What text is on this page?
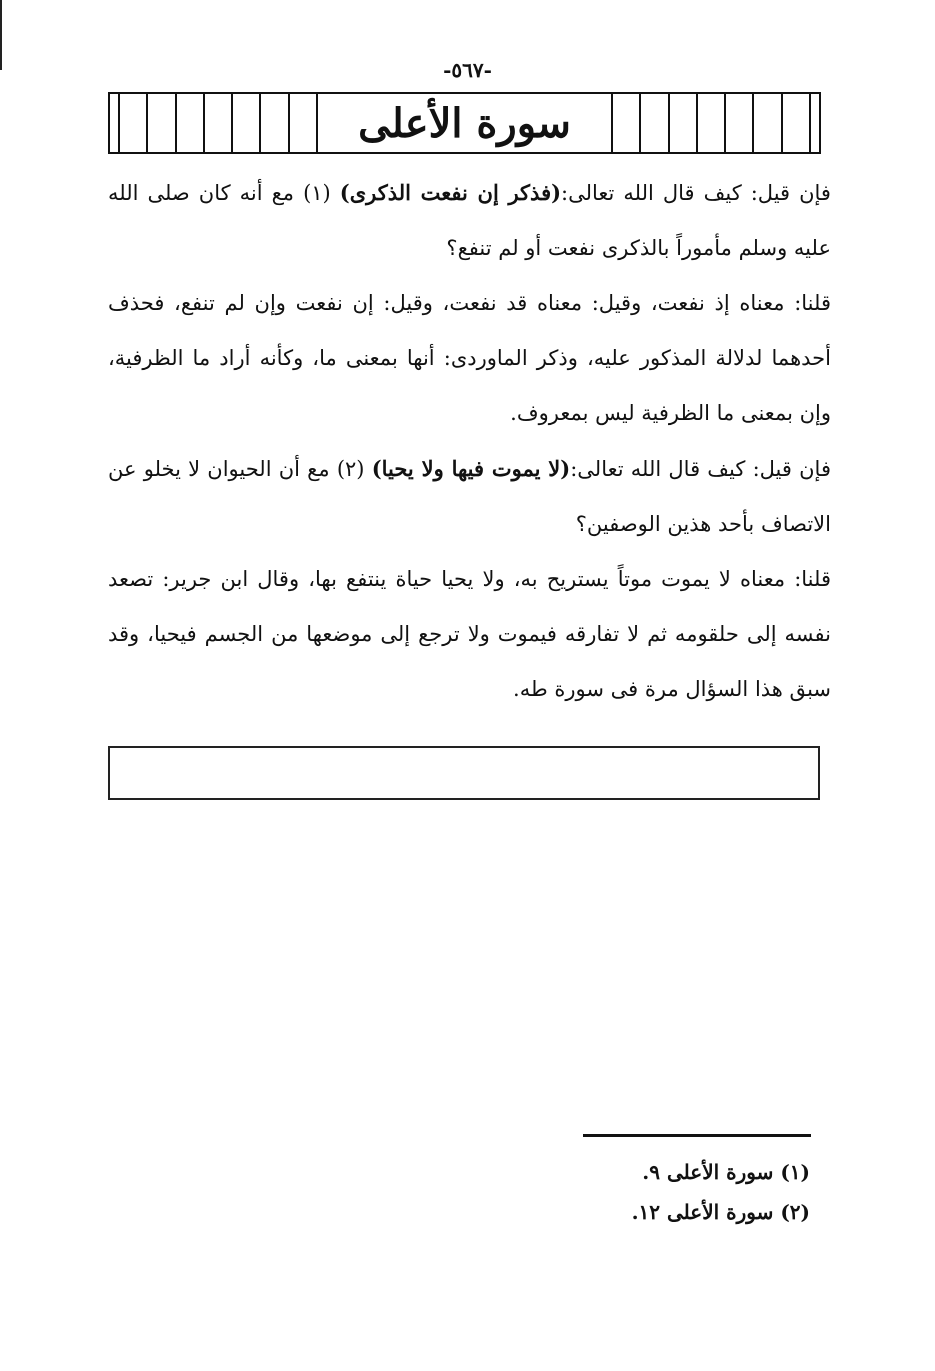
-٥٦٧-
سورة الأعلى

فإن قيل: كيف قال الله تعالى:(فذكر إن نفعت الذكرى) (١) مع أنه كان صلى الله عليه وسلم مأموراً بالذكرى نفعت أو لم تنفع؟

قلنا: معناه إذ نفعت، وقيل: معناه قد نفعت، وقيل: إن نفعت وإن لم تنفع، فحذف أحدهما لدلالة المذكور عليه، وذكر الماوردى: أنها بمعنى ما، وكأنه أراد ما الظرفية، وإن بمعنى ما الظرفية ليس بمعروف.

فإن قيل: كيف قال الله تعالى:(لا يموت فيها ولا يحيا) (٢) مع أن الحيوان لا يخلو عن الاتصاف بأحد هذين الوصفين؟

قلنا: معناه لا يموت موتاً يستريح به، ولا يحيا حياة ينتفع بها، وقال ابن جرير: تصعد نفسه إلى حلقومه ثم لا تفارقه فيموت ولا ترجع إلى موضعها من الجسم فيحيا، وقد سبق هذا السؤال مرة فى سورة طه.

(١) سورة الأعلى ٩.

(٢) سورة الأعلى ١٢.
